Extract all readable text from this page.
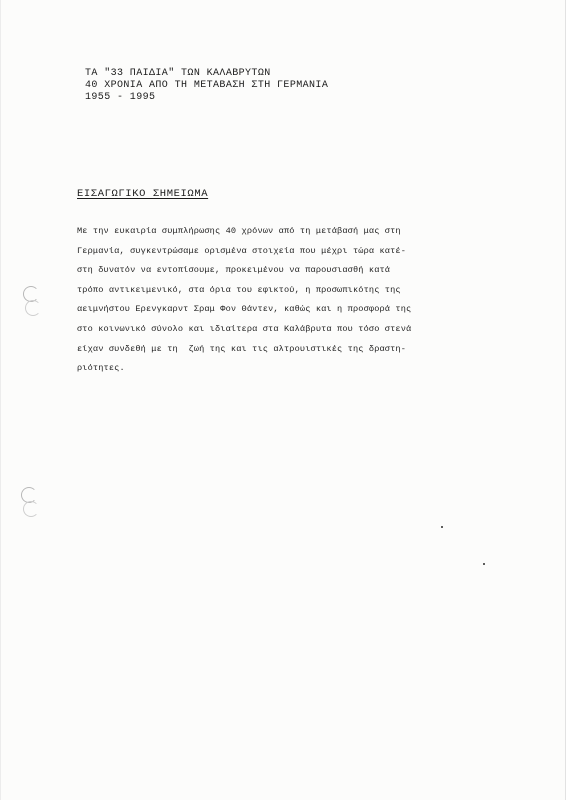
ΤΑ "33 ΠΑΙΔΙΑ" ΤΩΝ ΚΑΛΑΒΡΥΤΩΝ
40 ΧΡΟΝΙΑ ΑΠΟ ΤΗ ΜΕΤΑΒΑΣΗ ΣΤΗ ΓΕΡΜΑΝΙΑ
1955 - 1995
ΕΙΣΑΓΩΓΙΚΟ ΣΗΜΕΙΩΜΑ
Με την ευκαιρία συμπλήρωσης 40 χρόνων από τη μετάβασή μας στη
Γερμανία, συγκεντρώσαμε ορισμένα στοιχεία που μέχρι τώρα κατέ-
στη δυνατόν να εντοπίσουμε, προκειμένου να παρουσιασθή κατά
τρόπο αντικειμενικό, στα όρια του εφικτού, η προσωπικότης της
αειμνήστου Ερενγκαρντ Σραμ Φον Θάντεν, καθώς και η προσφορά της
στο κοινωνικό σύνολο και ιδιαίτερα στα Καλάβρυτα που τόσο στενά
είχαν συνδεθή με τη  ζωή της και τις αλτρουιστικές της δραστη-
ριότητες.
